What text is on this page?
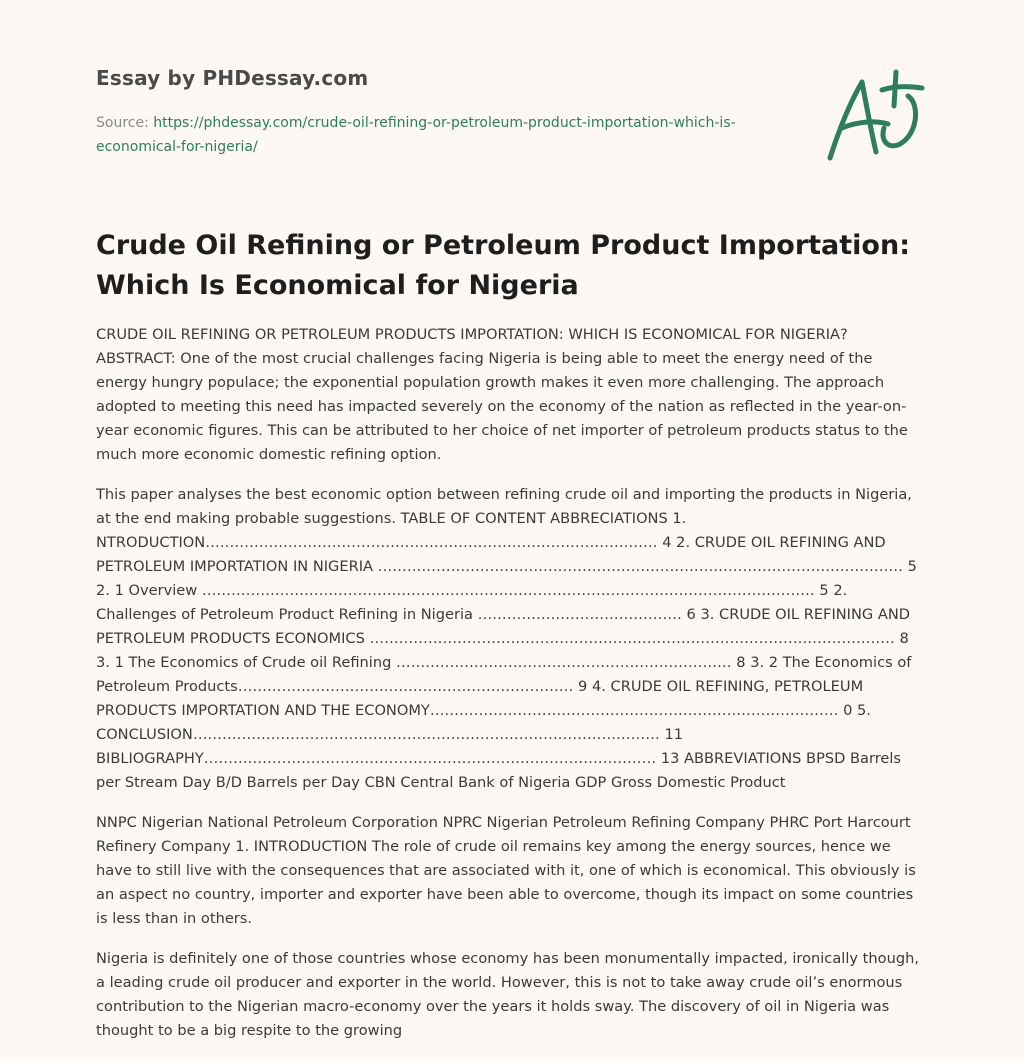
Essay by PHDessay.com
Source: https://phdessay.com/crude-oil-refining-or-petroleum-product-importation-which-is-economical-for-nigeria/
Crude Oil Refining or Petroleum Product Importation: Which Is Economical for Nigeria

CRUDE OIL REFINING OR PETROLEUM PRODUCTS IMPORTATION: WHICH IS ECONOMICAL FOR NIGERIA? ABSTRACT: One of the most crucial challenges facing Nigeria is being able to meet the energy need of the energy hungry populace; the exponential population growth makes it even more challenging. The approach adopted to meeting this need has impacted severely on the economy of the nation as reflected in the year-on-year economic figures. This can be attributed to her choice of net importer of petroleum products status to the much more economic domestic refining option.

This paper analyses the best economic option between refining crude oil and importing the products in Nigeria, at the end making probable suggestions. TABLE OF CONTENT ABBRECIATIONS 1. NTRODUCTION………………………………………………………………………………… 4 2. CRUDE OIL REFINING AND PETROLEUM IMPORTATION IN NIGERIA ……………………………………………………………………………………………… 5 2. 1 Overview ……………………………………………………………………………………………………………… 5 2. Challenges of Petroleum Product Refining in Nigeria …………………………………… 6 3. CRUDE OIL REFINING AND PETROLEUM PRODUCTS ECONOMICS ……………………………………………………………………………………………… 8 3. 1 The Economics of Crude oil Refining …………………………………………………………… 8 3. 2 The Economics of Petroleum Products…………………………………………………………… 9 4. CRUDE OIL REFINING, PETROLEUM PRODUCTS IMPORTATION AND THE ECONOMY………………………………………………………………………… 0 5. CONCLUSION…………………………………………………………………………………… 11 BIBLIOGRAPHY………………………………………………………………………………… 13 ABBREVIATIONS BPSD Barrels per Stream Day B/D Barrels per Day CBN Central Bank of Nigeria GDP Gross Domestic Product

NNPC Nigerian National Petroleum Corporation NPRC Nigerian Petroleum Refining Company PHRC Port Harcourt Refinery Company 1. INTRODUCTION The role of crude oil remains key among the energy sources, hence we have to still live with the consequences that are associated with it, one of which is economical. This obviously is an aspect no country, importer and exporter have been able to overcome, though its impact on some countries is less than in others.

Nigeria is definitely one of those countries whose economy has been monumentally impacted, ironically though, a leading crude oil producer and exporter in the world. However, this is not to take away crude oil’s enormous contribution to the Nigerian macro-economy over the years it holds sway. The discovery of oil in Nigeria was thought to be a big respite to the growing
